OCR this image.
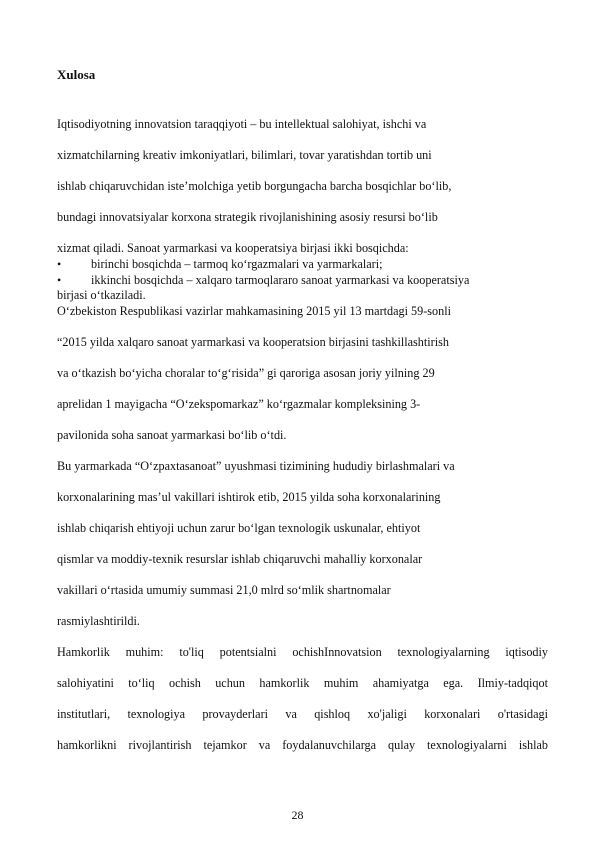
Xulosa
Iqtisodiyotning innovatsion taraqqiyoti – bu intellektual salohiyat, ishchi va
xizmatchilarning kreativ imkoniyatlari, bilimlari, tovar yaratishdan tortib uni
ishlab chiqaruvchidan iste’molchiga yetib borgungacha barcha bosqichlar bo‘lib,
bundagi innovatsiyalar korxona strategik rivojlanishining asosiy resursi bo‘lib
xizmat qiladi. Sanoat yarmarkasi va kooperatsiya birjasi ikki bosqichda:
• birinchi bosqichda – tarmoq ko‘rgazmalari va yarmarkalari;
• ikkinchi bosqichda – xalqaro tarmoqlararo sanoat yarmarkasi va kooperatsiya
birjasi o‘tkaziladi.
O‘zbekiston Respublikasi vazirlar mahkamasining 2015 yil 13 martdagi 59-sonli
“2015 yilda xalqaro sanoat yarmarkasi va kooperatsion birjasini tashkillashtirish
va o‘tkazish bo‘yicha choralar to‘g‘risida” gi qaroriga asosan joriy yilning 29
aprelidan 1 mayigacha “O‘zekspomarkaz” ko‘rgazmalar kompleksining 3-
pavilonida soha sanoat yarmarkasi bo‘lib o‘tdi.
Bu yarmarkada “O‘zpaxtasanoat” uyushmasi tizimining hududiy birlashmalari va
korxonalarining mas’ul vakillari ishtirok etib, 2015 yilda soha korxonalarining
ishlab chiqarish ehtiyoji uchun zarur bo‘lgan texnologik uskunalar, ehtiyot
qismlar va moddiy-texnik resurslar ishlab chiqaruvchi mahalliy korxonalar
vakillari o‘rtasida umumiy summasi 21,0 mlrd so‘mlik shartnomalar
rasmiylashtirildi.
Hamkorlik muhim: to'liq potentsialni ochishInnovatsion texnologiyalarning iqtisodiy
salohiyatini to‘liq ochish uchun hamkorlik muhim ahamiyatga ega. Ilmiy-tadqiqot
institutlari, texnologiya provayderlari va qishloq xo'jaligi korxonalari o'rtasidagi
hamkorlikni rivojlantirish tejamkor va foydalanuvchilarga qulay texnologiyalarni ishlab
28
